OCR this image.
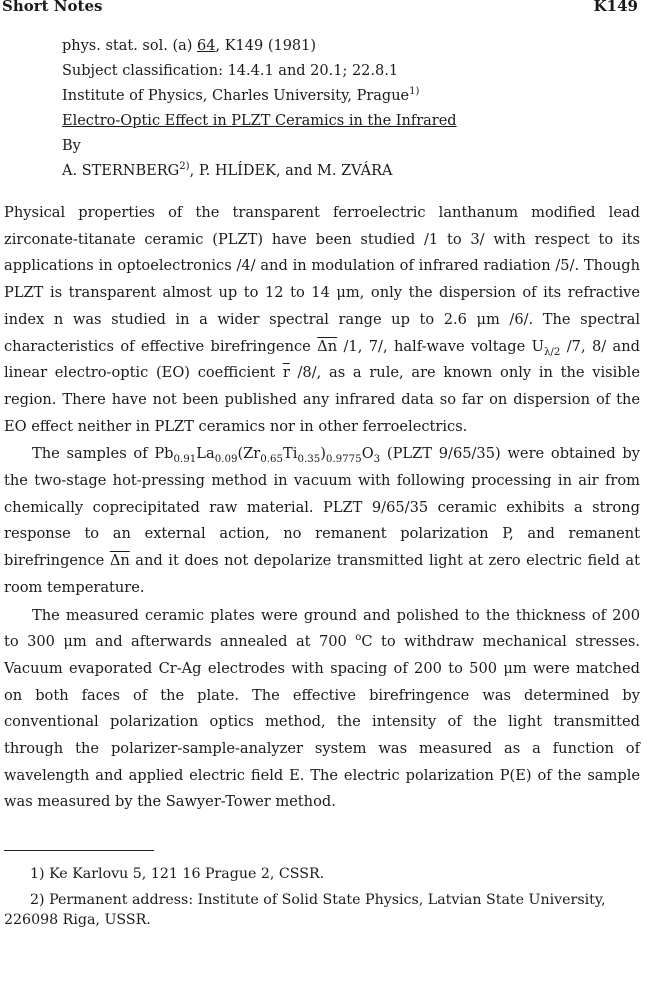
Short Notes	K149
phys. stat. sol. (a) 64, K149 (1981)
Subject classification: 14.4.1 and 20.1; 22.8.1
Institute of Physics, Charles University, Prague$^{1)}$
Electro-Optic Effect in PLZT Ceramics in the Infrared
By
A. STERNBERG$^{2)}$, P. HLÍDEK, and M. ZVÁRA

Physical properties of the transparent ferroelectric lanthanum modified lead zirconate-titanate ceramic (PLZT) have been studied /1 to 3/ with respect to its applications in optoelectronics /4/ and in modulation of infrared radiation /5/. Though PLZT is transparent almost up to 12 to 14 μm, only the dispersion of its refractive index n was studied in a wider spectral range up to 2.6 μm /6/. The spectral characteristics of effective birefringence $\overline{\Delta n}$ /1, 7/, half-wave voltage $U_{\lambda/2}$ /7, 8/ and linear electro-optic (EO) coefficient $\overline{r}$ /8/, as a rule, are known only in the visible region. There have not been published any infrared data so far on dispersion of the EO effect neither in PLZT ceramics nor in other ferroelectrics.

The samples of $Pb_{0.91}La_{0.09}(Zr_{0.65}Ti_{0.35})_{0.9775}O_3$ (PLZT 9/65/35) were obtained by the two-stage hot-pressing method in vacuum with following processing in air from chemically coprecipitated raw material. PLZT 9/65/35 ceramic exhibits a strong response to an external action, no remanent polarization P, and remanent birefringence $\overline{\Delta n}$ and it does not depolarize transmitted light at zero electric field at room temperature.

The measured ceramic plates were ground and polished to the thickness of 200 to 300 μm and afterwards annealed at 700 $^o$C to withdraw mechanical stresses. Vacuum evaporated Cr-Ag electrodes with spacing of 200 to 500 μm were matched on both faces of the plate. The effective birefringence was determined by conventional polarization optics method, the intensity of the light transmitted through the polarizer-sample-analyzer system was measured as a function of wavelength and applied electric field E. The electric polarization P(E) of the sample was measured by the Sawyer-Tower method.

1) Ke Karlovu 5, 121 16 Prague 2, CSSR.

2) Permanent address: Institute of Solid State Physics, Latvian State University, 226098 Riga, USSR.
